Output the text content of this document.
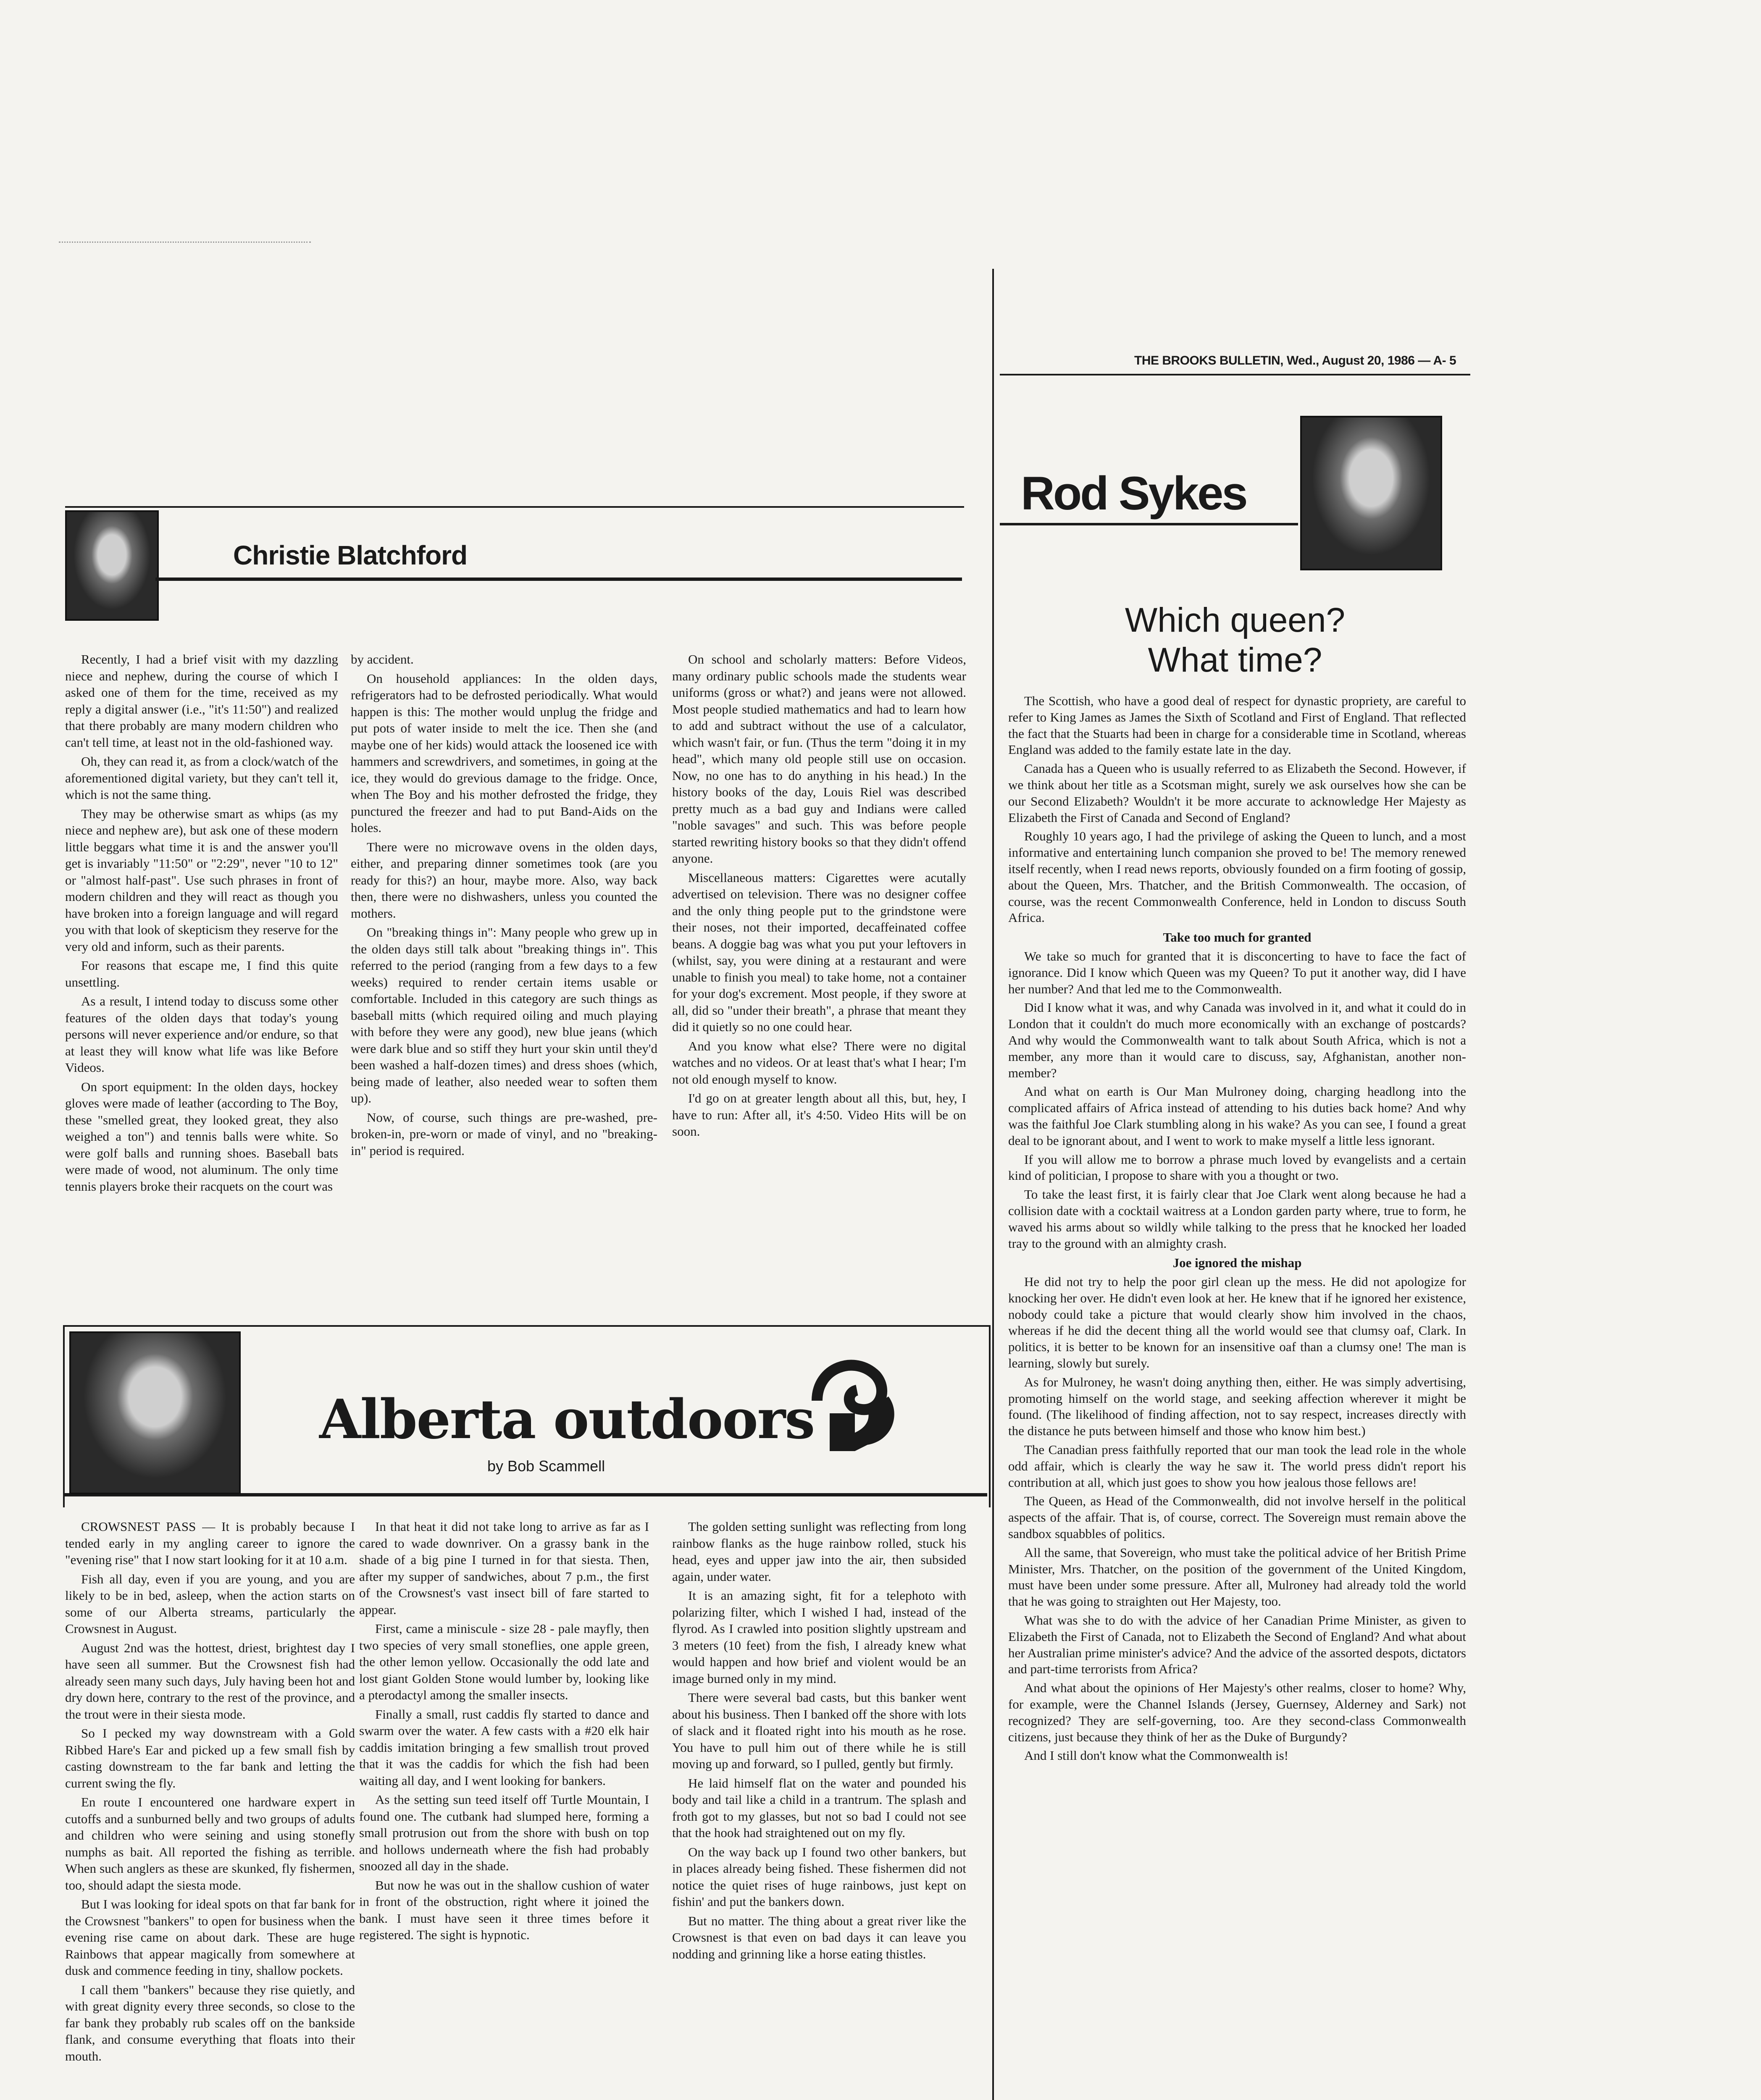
THE BROOKS BULLETIN, Wed., August 20, 1986 — A- 5
Christie Blatchford

Recently, I had a brief visit with my dazzling niece and nephew, during the course of which I asked one of them for the time, received as my reply a digital answer (i.e., "it's 11:50") and realized that there probably are many modern children who can't tell time, at least not in the old-fashioned way.

Oh, they can read it, as from a clock/watch of the aforementioned digital variety, but they can't tell it, which is not the same thing.

They may be otherwise smart as whips (as my niece and nephew are), but ask one of these modern little beggars what time it is and the answer you'll get is invariably "11:50" or "2:29", never "10 to 12" or "almost half-past". Use such phrases in front of modern children and they will react as though you have broken into a foreign language and will regard you with that look of skepticism they reserve for the very old and inform, such as their parents.

For reasons that escape me, I find this quite unsettling.

As a result, I intend today to discuss some other features of the olden days that today's young persons will never experience and/or endure, so that at least they will know what life was like Before Videos.

On sport equipment: In the olden days, hockey gloves were made of leather (according to The Boy, these "smelled great, they looked great, they also weighed a ton") and tennis balls were white. So were golf balls and running shoes. Baseball bats were made of wood, not aluminum. The only time tennis players broke their racquets on the court was

by accident.

On household appliances: In the olden days, refrigerators had to be defrosted periodically. What would happen is this: The mother would unplug the fridge and put pots of water inside to melt the ice. Then she (and maybe one of her kids) would attack the loosened ice with hammers and screwdrivers, and sometimes, in going at the ice, they would do grevious damage to the fridge. Once, when The Boy and his mother defrosted the fridge, they punctured the freezer and had to put Band-Aids on the holes.

There were no microwave ovens in the olden days, either, and preparing dinner sometimes took (are you ready for this?) an hour, maybe more. Also, way back then, there were no dishwashers, unless you counted the mothers.

On "breaking things in": Many people who grew up in the olden days still talk about "breaking things in". This referred to the period (ranging from a few days to a few weeks) required to render certain items usable or comfortable. Included in this category are such things as baseball mitts (which required oiling and much playing with before they were any good), new blue jeans (which were dark blue and so stiff they hurt your skin until they'd been washed a half-dozen times) and dress shoes (which, being made of leather, also needed wear to soften them up).

Now, of course, such things are pre-washed, pre-broken-in, pre-worn or made of vinyl, and no "breaking-in" period is required.

On school and scholarly matters: Before Videos, many ordinary public schools made the students wear uniforms (gross or what?) and jeans were not allowed. Most people studied mathematics and had to learn how to add and subtract without the use of a calculator, which wasn't fair, or fun. (Thus the term "doing it in my head", which many old people still use on occasion. Now, no one has to do anything in his head.) In the history books of the day, Louis Riel was described pretty much as a bad guy and Indians were called "noble savages" and such. This was before people started rewriting history books so that they didn't offend anyone.

Miscellaneous matters: Cigarettes were acutally advertised on television. There was no designer coffee and the only thing people put to the grindstone were their noses, not their imported, decaffeinated coffee beans. A doggie bag was what you put your leftovers in (whilst, say, you were dining at a restaurant and were unable to finish you meal) to take home, not a container for your dog's excrement. Most people, if they swore at all, did so "under their breath", a phrase that meant they did it quietly so no one could hear.

And you know what else? There were no digital watches and no videos. Or at least that's what I hear; I'm not old enough myself to know.

I'd go on at greater length about all this, but, hey, I have to run: After all, it's 4:50. Video Hits will be on soon.

Rod Sykes
Which queen?
What time?

The Scottish, who have a good deal of respect for dynastic propriety, are careful to refer to King James as James the Sixth of Scotland and First of England. That reflected the fact that the Stuarts had been in charge for a considerable time in Scotland, whereas England was added to the family estate late in the day.

Canada has a Queen who is usually referred to as Elizabeth the Second. However, if we think about her title as a Scotsman might, surely we ask ourselves how she can be our Second Elizabeth? Wouldn't it be more accurate to acknowledge Her Majesty as Elizabeth the First of Canada and Second of England?

Roughly 10 years ago, I had the privilege of asking the Queen to lunch, and a most informative and entertaining lunch companion she proved to be! The memory renewed itself recently, when I read news reports, obviously founded on a firm footing of gossip, about the Queen, Mrs. Thatcher, and the British Commonwealth. The occasion, of course, was the recent Commonwealth Conference, held in London to discuss South Africa.

Take too much for granted

We take so much for granted that it is disconcerting to have to face the fact of ignorance. Did I know which Queen was my Queen? To put it another way, did I have her number? And that led me to the Commonwealth.

Did I know what it was, and why Canada was involved in it, and what it could do in London that it couldn't do much more economically with an exchange of postcards? And why would the Commonwealth want to talk about South Africa, which is not a member, any more than it would care to discuss, say, Afghanistan, another non-member?

And what on earth is Our Man Mulroney doing, charging headlong into the complicated affairs of Africa instead of attending to his duties back home? And why was the faithful Joe Clark stumbling along in his wake? As you can see, I found a great deal to be ignorant about, and I went to work to make myself a little less ignorant.

If you will allow me to borrow a phrase much loved by evangelists and a certain kind of politician, I propose to share with you a thought or two.

To take the least first, it is fairly clear that Joe Clark went along because he had a collision date with a cocktail waitress at a London garden party where, true to form, he waved his arms about so wildly while talking to the press that he knocked her loaded tray to the ground with an almighty crash.

Joe ignored the mishap

He did not try to help the poor girl clean up the mess. He did not apologize for knocking her over. He didn't even look at her. He knew that if he ignored her existence, nobody could take a picture that would clearly show him involved in the chaos, whereas if he did the decent thing all the world would see that clumsy oaf, Clark. In politics, it is better to be known for an insensitive oaf than a clumsy one! The man is learning, slowly but surely.

As for Mulroney, he wasn't doing anything then, either. He was simply advertising, promoting himself on the world stage, and seeking affection wherever it might be found. (The likelihood of finding affection, not to say respect, increases directly with the distance he puts between himself and those who know him best.)

The Canadian press faithfully reported that our man took the lead role in the whole odd affair, which is clearly the way he saw it. The world press didn't report his contribution at all, which just goes to show you how jealous those fellows are!

The Queen, as Head of the Commonwealth, did not involve herself in the political aspects of the affair. That is, of course, correct. The Sovereign must remain above the sandbox squabbles of politics.

All the same, that Sovereign, who must take the political advice of her British Prime Minister, Mrs. Thatcher, on the position of the government of the United Kingdom, must have been under some pressure. After all, Mulroney had already told the world that he was going to straighten out Her Majesty, too.

What was she to do with the advice of her Canadian Prime Minister, as given to Elizabeth the First of Canada, not to Elizabeth the Second of England? And what about her Australian prime minister's advice? And the advice of the assorted despots, dictators and part-time terrorists from Africa?

And what about the opinions of Her Majesty's other realms, closer to home? Why, for example, were the Channel Islands (Jersey, Guernsey, Alderney and Sark) not recognized? They are self-governing, too. Are they second-class Commonwealth citizens, just because they think of her as the Duke of Burgundy?

And I still don't know what the Commonwealth is!

Alberta outdoors
by Bob Scammell

CROWSNEST PASS — It is probably because I tended early in my angling career to ignore the "evening rise" that I now start looking for it at 10 a.m.

Fish all day, even if you are young, and you are likely to be in bed, asleep, when the action starts on some of our Alberta streams, particularly the Crowsnest in August.

August 2nd was the hottest, driest, brightest day I have seen all summer. But the Crowsnest fish had already seen many such days, July having been hot and dry down here, contrary to the rest of the province, and the trout were in their siesta mode.

So I pecked my way downstream with a Gold Ribbed Hare's Ear and picked up a few small fish by casting downstream to the far bank and letting the current swing the fly.

En route I encountered one hardware expert in cutoffs and a sunburned belly and two groups of adults and children who were seining and using stonefly numphs as bait. All reported the fishing as terrible. When such anglers as these are skunked, fly fishermen, too, should adapt the siesta mode.

But I was looking for ideal spots on that far bank for the Crowsnest "bankers" to open for business when the evening rise came on about dark. These are huge Rainbows that appear magically from somewhere at dusk and commence feeding in tiny, shallow pockets.

I call them "bankers" because they rise quietly, and with great dignity every three seconds, so close to the far bank they probably rub scales off on the bankside flank, and consume everything that floats into their mouth.

In that heat it did not take long to arrive as far as I cared to wade downriver. On a grassy bank in the shade of a big pine I turned in for that siesta. Then, after my supper of sandwiches, about 7 p.m., the first of the Crowsnest's vast insect bill of fare started to appear.

First, came a miniscule - size 28 - pale mayfly, then two species of very small stoneflies, one apple green, the other lemon yellow. Occasionally the odd late and lost giant Golden Stone would lumber by, looking like a pterodactyl among the smaller insects.

Finally a small, rust caddis fly started to dance and swarm over the water. A few casts with a #20 elk hair caddis imitation bringing a few smallish trout proved that it was the caddis for which the fish had been waiting all day, and I went looking for bankers.

As the setting sun teed itself off Turtle Mountain, I found one. The cutbank had slumped here, forming a small protrusion out from the shore with bush on top and hollows underneath where the fish had probably snoozed all day in the shade.

But now he was out in the shallow cushion of water in front of the obstruction, right where it joined the bank. I must have seen it three times before it registered. The sight is hypnotic.

The golden setting sunlight was reflecting from long rainbow flanks as the huge rainbow rolled, stuck his head, eyes and upper jaw into the air, then subsided again, under water.

It is an amazing sight, fit for a telephoto with polarizing filter, which I wished I had, instead of the flyrod. As I crawled into position slightly upstream and 3 meters (10 feet) from the fish, I already knew what would happen and how brief and violent would be an image burned only in my mind.

There were several bad casts, but this banker went about his business. Then I banked off the shore with lots of slack and it floated right into his mouth as he rose. You have to pull him out of there while he is still moving up and forward, so I pulled, gently but firmly.

He laid himself flat on the water and pounded his body and tail like a child in a trantrum. The splash and froth got to my glasses, but not so bad I could not see that the hook had straightened out on my fly.

On the way back up I found two other bankers, but in places already being fished. These fishermen did not notice the quiet rises of huge rainbows, just kept on fishin' and put the bankers down.

But no matter. The thing about a great river like the Crowsnest is that even on bad days it can leave you nodding and grinning like a horse eating thistles.
